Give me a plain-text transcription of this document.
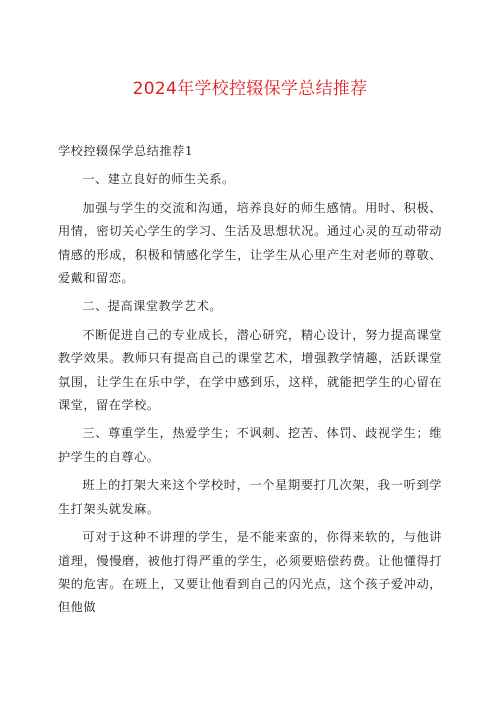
2024年学校控辍保学总结推荐

学校控辍保学总结推荐1

一、建立良好的师生关系。

加强与学生的交流和沟通，培养良好的师生感情。用时、积极、用情，密切关心学生的学习、生活及思想状况。通过心灵的互动带动情感的形成，积极和情感化学生，让学生从心里产生对老师的尊敬、爱戴和留恋。

二、提高课堂教学艺术。

不断促进自己的专业成长，潜心研究，精心设计，努力提高课堂教学效果。教师只有提高自己的课堂艺术，增强教学情趣，活跃课堂氛围，让学生在乐中学，在学中感到乐，这样，就能把学生的心留在课堂，留在学校。

三、尊重学生，热爱学生；不讽刺、挖苦、体罚、歧视学生；维护学生的自尊心。

班上的打架大来这个学校时，一个星期要打几次架，我一听到学生打架头就发麻。

可对于这种不讲理的学生，是不能来蛮的，你得来软的，与他讲道理，慢慢磨，被他打得严重的学生，必须要赔偿药费。让他懂得打架的危害。在班上，又要让他看到自己的闪光点，这个孩子爱冲动，但他做
